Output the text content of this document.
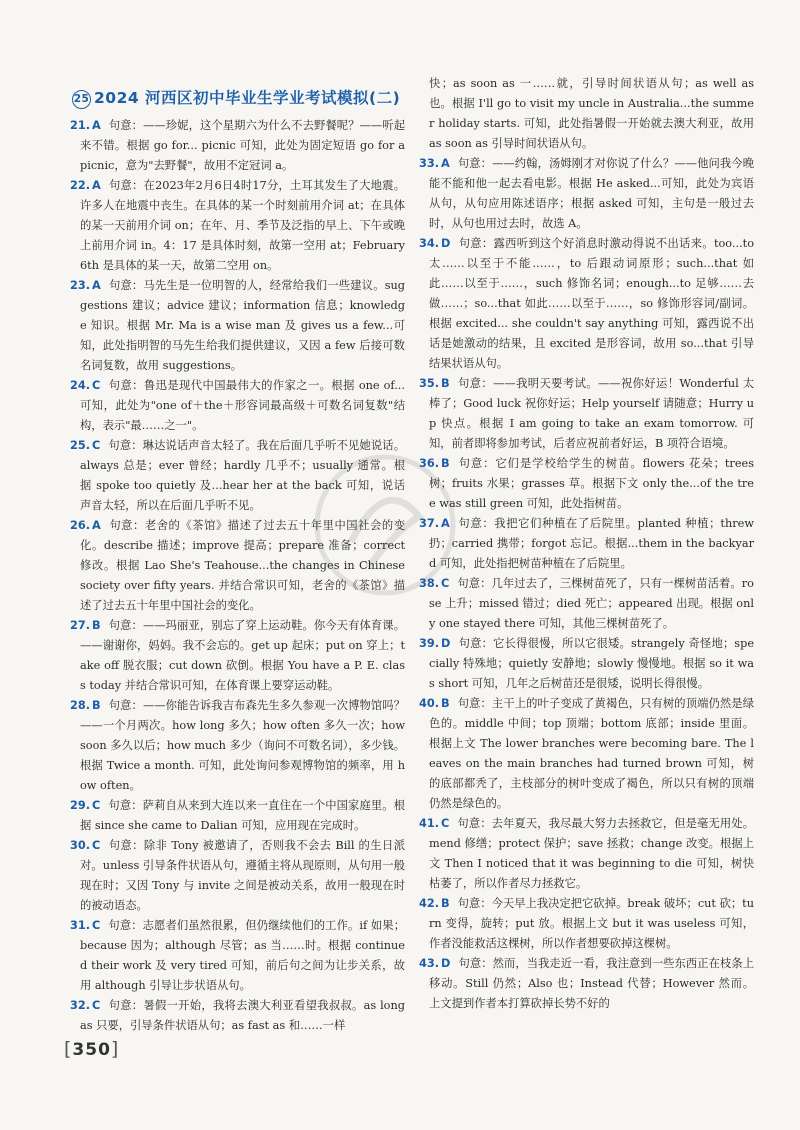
25 2024 河西区初中毕业生学业考试模拟(二)

21. A 句意：——珍妮，这个星期六为什么不去野餐呢？——听起来不错。根据 go for... picnic 可知，此处为固定短语 go for a picnic，意为"去野餐"，故用不定冠词 a。

22. A 句意：在2023年2月6日4时17分，土耳其发生了大地震。许多人在地震中丧生。在具体的某一个时刻前用介词 at；在具体的某一天前用介词 on；在年、月、季节及泛指的早上、下午或晚上前用介词 in。4：17 是具体时刻，故第一空用 at；February 6th 是具体的某一天，故第二空用 on。

23. A 句意：马先生是一位明智的人，经常给我们一些建议。suggestions 建议；advice 建议；information 信息；knowledge 知识。根据 Mr. Ma is a wise man 及 gives us a few...可知，此处指明智的马先生给我们提供建议，又因 a few 后接可数名词复数，故用 suggestions。

24. C 句意：鲁迅是现代中国最伟大的作家之一。根据 one of...可知，此处为"one of＋the＋形容词最高级＋可数名词复数"结构，表示"最……之一"。

25. C 句意：琳达说话声音太轻了。我在后面几乎听不见她说话。always 总是；ever 曾经；hardly 几乎不；usually 通常。根据 spoke too quietly 及...hear her at the back 可知，说话声音太轻，所以在后面几乎听不见。

26. A 句意：老舍的《茶馆》描述了过去五十年里中国社会的变化。describe 描述；improve 提高；prepare 准备；correct 修改。根据 Lao She's Teahouse...the changes in Chinese society over fifty years. 并结合常识可知，老舍的《茶馆》描述了过去五十年里中国社会的变化。

27. B 句意：——玛丽亚，别忘了穿上运动鞋。你今天有体育课。——谢谢你，妈妈。我不会忘的。get up 起床；put on 穿上；take off 脱衣服；cut down 砍倒。根据 You have a P. E. class today 并结合常识可知，在体育课上要穿运动鞋。

28. B 句意：——你能告诉我吉布森先生多久参观一次博物馆吗？——一个月两次。how long 多久；how often 多久一次；how soon 多久以后；how much 多少（询问不可数名词），多少钱。根据 Twice a month. 可知，此处询问参观博物馆的频率，用 how often。

29. C 句意：萨莉自从来到大连以来一直住在一个中国家庭里。根据 since she came to Dalian 可知，应用现在完成时。

30. C 句意：除非 Tony 被邀请了，否则我不会去 Bill 的生日派对。unless 引导条件状语从句，遵循主将从现原则，从句用一般现在时；又因 Tony 与 invite 之间是被动关系，故用一般现在时的被动语态。

31. C 句意：志愿者们虽然很累，但仍继续他们的工作。if 如果；because 因为；although 尽管；as 当……时。根据 continued their work 及 very tired 可知，前后句之间为让步关系，故用 although 引导让步状语从句。

32. C 句意：暑假一开始，我将去澳大利亚看望我叔叔。as long as 只要，引导条件状语从句；as fast as 和……一样

快；as soon as 一……就，引导时间状语从句；as well as 也。根据 I'll go to visit my uncle in Australia...the summer holiday starts. 可知，此处指暑假一开始就去澳大利亚，故用 as soon as 引导时间状语从句。

33. A 句意：——约翰，汤姆刚才对你说了什么？——他问我今晚能不能和他一起去看电影。根据 He asked...可知，此处为宾语从句，从句应用陈述语序；根据 asked 可知，主句是一般过去时，从句也用过去时，故选 A。

34. D 句意：露西听到这个好消息时激动得说不出话来。too...to 太……以至于不能……，to 后跟动词原形；such...that 如此……以至于……，such 修饰名词；enough...to 足够……去做……；so...that 如此……以至于……，so 修饰形容词/副词。根据 excited... she couldn't say anything 可知，露西说不出话是她激动的结果，且 excited 是形容词，故用 so...that 引导结果状语从句。

35. B 句意：——我明天要考试。——祝你好运！Wonderful 太棒了；Good luck 祝你好运；Help yourself 请随意；Hurry up 快点。根据 I am going to take an exam tomorrow. 可知，前者即将参加考试，后者应祝前者好运，B 项符合语境。

36. B 句意：它们是学校给学生的树苗。flowers 花朵；trees 树；fruits 水果；grasses 草。根据下文 only the...of the tree was still green 可知，此处指树苗。

37. A 句意：我把它们种植在了后院里。planted 种植；threw 扔；carried 携带；forgot 忘记。根据...them in the backyard 可知，此处指把树苗种植在了后院里。

38. C 句意：几年过去了，三棵树苗死了，只有一棵树苗活着。rose 上升；missed 错过；died 死亡；appeared 出现。根据 only one stayed there 可知，其他三棵树苗死了。

39. D 句意：它长得很慢，所以它很矮。strangely 奇怪地；specially 特殊地；quietly 安静地；slowly 慢慢地。根据 so it was short 可知，几年之后树苗还是很矮，说明长得很慢。

40. B 句意：主干上的叶子变成了黄褐色，只有树的顶端仍然是绿色的。middle 中间；top 顶端；bottom 底部；inside 里面。根据上文 The lower branches were becoming bare. The leaves on the main branches had turned brown 可知，树的底部都秃了，主枝部分的树叶变成了褐色，所以只有树的顶端仍然是绿色的。

41. C 句意：去年夏天，我尽最大努力去拯救它，但是毫无用处。mend 修缮；protect 保护；save 拯救；change 改变。根据上文 Then I noticed that it was beginning to die 可知，树快枯萎了，所以作者尽力拯救它。

42. B 句意：今天早上我决定把它砍掉。break 破坏；cut 砍；turn 变得，旋转；put 放。根据上文 but it was useless 可知，作者没能救活这棵树，所以作者想要砍掉这棵树。

43. D 句意：然而，当我走近一看，我注意到一些东西正在枝条上移动。Still 仍然；Also 也；Instead 代替；However 然而。上文提到作者本打算砍掉长势不好的

[350]
